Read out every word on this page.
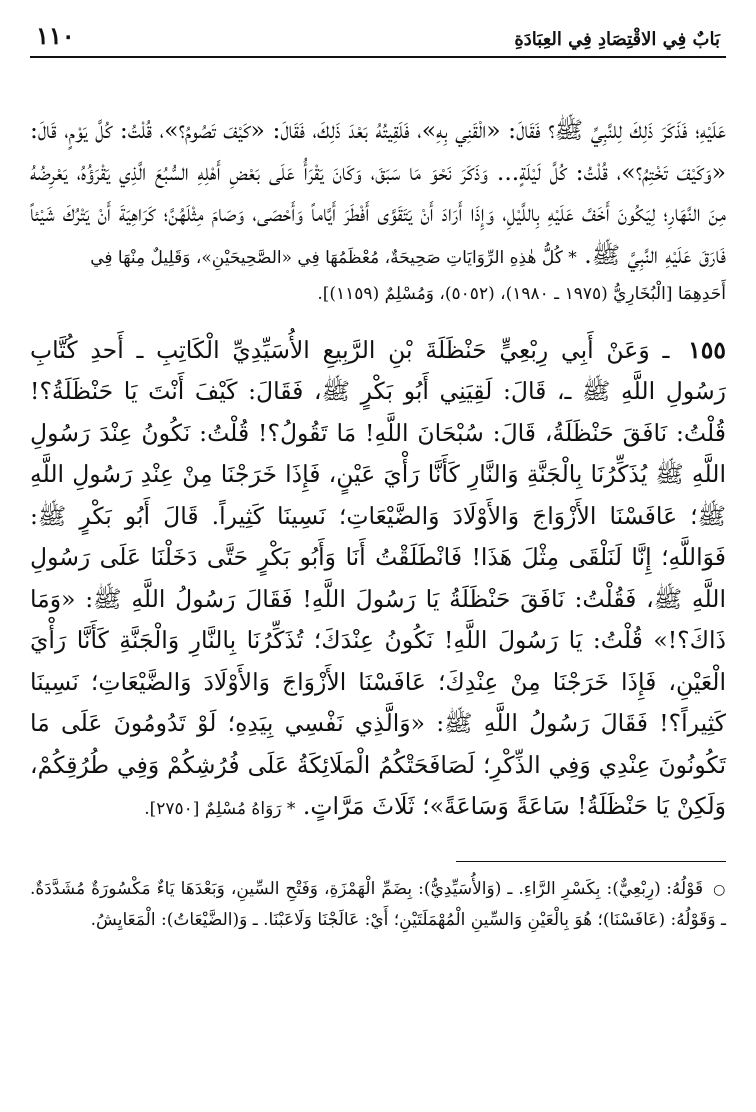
بَابٌ فِي الاقْتِصَادِ فِي العِبَادَةِ
١١٠

عَلَيْهِ؛ فَذَكَرَ ذَلِكَ لِلنَّبِيِّ ﷺ؟ فَقَالَ: «الْقَنِي بِهِ»، فَلَقِيتُهُ بَعْدَ ذَلِكَ، فَقَالَ: «كَيْفَ تَصُومُ؟»، قُلْتُ: كُلَّ يَوْمٍ، قَالَ: «وَكَيْفَ تَخْتِمُ؟»، قُلْتُ: كُلَّ لَيْلَةٍ... وَذَكَرَ نَحْوَ مَا سَبَقَ، وَكَانَ يَقْرَأُ عَلَى بَعْضِ أَهْلِهِ السُّبُعَ الَّذِي يَقْرَؤُهُ، يَعْرِضُهُ مِنَ النَّهَارِ؛ لِيَكُونَ أَخَفَّ عَلَيْهِ بِاللَّيْلِ، وَإِذَا أَرَادَ أَنْ يَتَقَوَّى أَفْطَرَ أَيَّاماً وَأَحْصَى، وَصَامَ مِثْلَهُنَّ؛ كَرَاهِيَةَ أَنْ يَتْرُكَ شَيْئاً فَارَقَ عَلَيْهِ النَّبِيَّ ﷺ. * كُلُّ هٰذِهِ الرِّوَايَاتِ صَحِيحَةٌ، مُعْظَمُهَا فِي «الصَّحِيحَيْنِ»، وَقَلِيلٌ مِنْهَا فِي

أَحَدِهِمَا [الْبُخَارِيُّ (١٩٧٥ ـ ١٩٨٠)، (٥٠٥٢)، وَمُسْلِمٌ (١١٥٩)].

١٥٥ ـ وَعَنْ أَبِي رِبْعِيٍّ حَنْظَلَةَ بْنِ الرَّبِيعِ الأُسَيِّدِيِّ الْكَاتِبِ ـ أَحدِ كُتَّابِ رَسُولِ اللَّهِ ﷺ ـ، قَالَ: لَقِيَنِي أَبُو بَكْرٍ ﷺ، فَقَالَ: كَيْفَ أَنْتَ يَا حَنْظَلَةُ؟! قُلْتُ: نَافَقَ حَنْظَلَةُ، قَالَ: سُبْحَانَ اللَّهِ! مَا تَقُولُ؟! قُلْتُ: نَكُونُ عِنْدَ رَسُولِ اللَّهِ ﷺ يُذَكِّرُنَا بِالْجَنَّةِ وَالنَّارِ كَأَنَّا رَأْيَ عَيْنٍ، فَإِذَا خَرَجْنَا مِنْ عِنْدِ رَسُولِ اللَّهِ ﷺ؛ عَافَسْنَا الأَزْوَاجَ وَالأَوْلَادَ وَالضَّيْعَاتِ؛ نَسِينَا كَثِيراً. قَالَ أَبُو بَكْرٍ ﷺ: فَوَاللَّهِ؛ إِنَّا لَنَلْقَى مِثْلَ هَذَا! فَانْطَلَقْتُ أَنَا وَأَبُو بَكْرٍ حَتَّى دَخَلْنَا عَلَى رَسُولِ اللَّهِ ﷺ، فَقُلْتُ: نَافَقَ حَنْظَلَةُ يَا رَسُولَ اللَّهِ! فَقَالَ رَسُولُ اللَّهِ ﷺ: «وَمَا ذَاكَ؟!» قُلْتُ: يَا رَسُولَ اللَّهِ! نَكُونُ عِنْدَكَ؛ تُذَكِّرُنَا بِالنَّارِ وَالْجَنَّةِ كَأَنَّا رَأْيَ الْعَيْنِ، فَإِذَا خَرَجْنَا مِنْ عِنْدِكَ؛ عَافَسْنَا الأَزْوَاجَ وَالأَوْلَادَ وَالضَّيْعَاتِ؛ نَسِينَا كَثِيراً؟! فَقَالَ رَسُولُ اللَّهِ ﷺ: «وَالَّذِي نَفْسِي بِيَدِهِ؛ لَوْ تَدُومُونَ عَلَى مَا تَكُونُونَ عِنْدِي وَفِي الذِّكْرِ؛ لَصَافَحَتْكُمُ الْمَلَائِكَةُ عَلَى فُرُشِكُمْ وَفِي طُرُقِكُمْ، وَلَكِنْ يَا حَنْظَلَةُ! سَاعَةً وَسَاعَةً»؛ ثَلَاثَ مَرَّاتٍ. * رَوَاهُ مُسْلِمٌ [٢٧٥٠].

○ قَوْلُهُ: (رِبْعِيٌّ): بِكَسْرِ الرَّاءِ. ـ (وَالأُسَيِّدِيُّ): بِضَمِّ الْهَمْزَةِ، وَفَتْحِ السِّينِ، وَبَعْدَهَا يَاءٌ مَكْسُورَةٌ مُشَدَّدَةٌ. ـ وَقَوْلُهُ: (عَافَسْنَا)؛ هُوَ بِالْعَيْنِ وَالسِّينِ الْمُهْمَلَتَيْنِ؛ أَيْ: عَالَجْنَا وَلَاعَبْنَا. ـ وَ(الضَّيْعَاتُ): الْمَعَايِشُ.
